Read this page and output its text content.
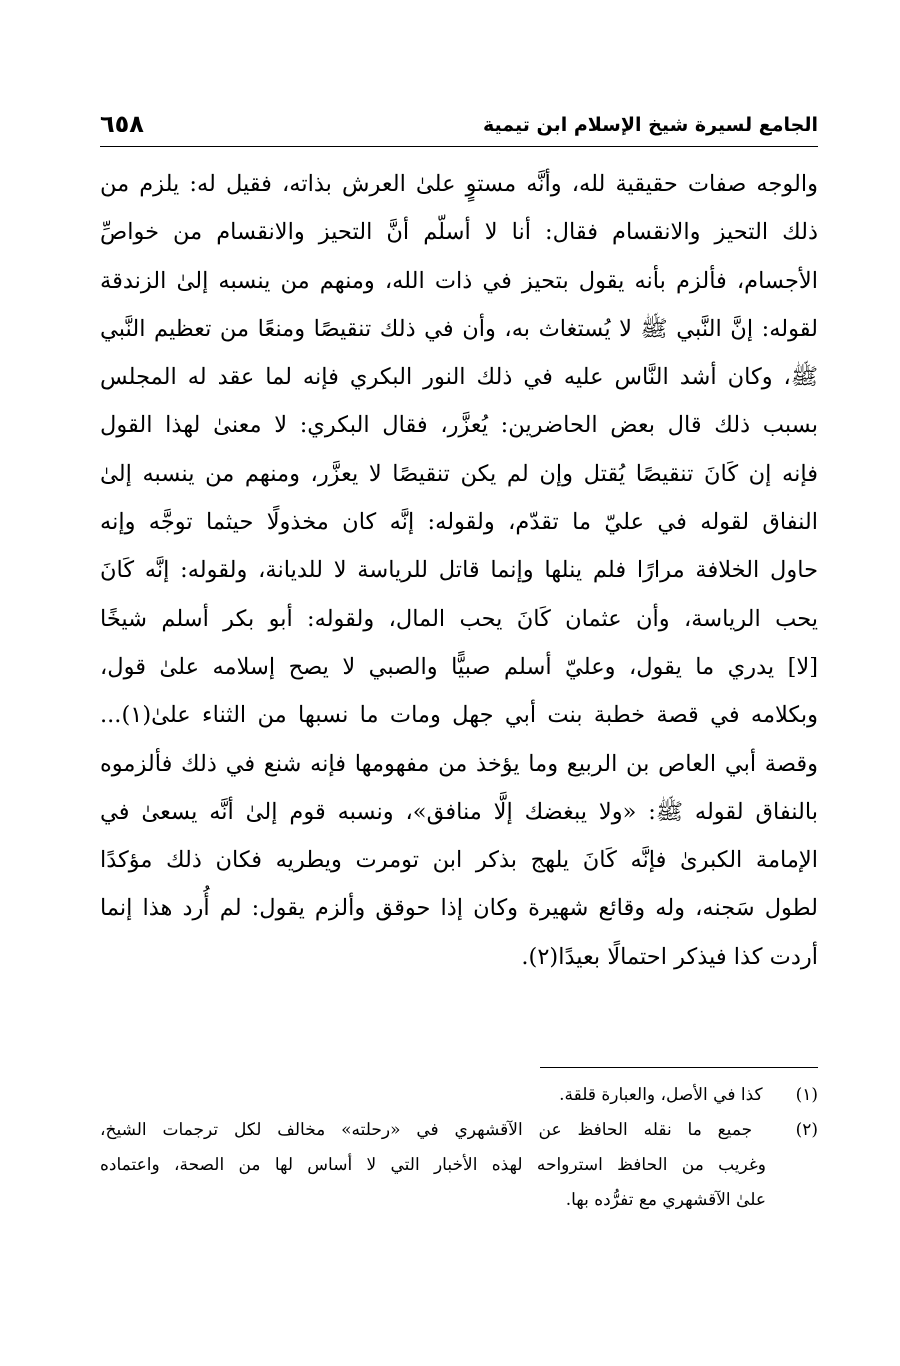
الجامع لسيرة شيخ الإسلام ابن تيمية
٦٥٨
والوجه صفات حقيقية لله، وأنَّه مستوٍ علىٰ العرش بذاته، فقيل له: يلزم من
ذلك التحيز والانقسام فقال: أنا لا أسلّم أنَّ التحيز والانقسام من خواصِّ
الأجسام، فألزم بأنه يقول بتحيز في ذات الله، ومنهم من ينسبه إلىٰ الزندقة
لقوله: إنَّ النَّبي ﷺ لا يُستغاث به، وأن في ذلك تنقيصًا ومنعًا من تعظيم النَّبي
ﷺ، وكان أشد النَّاس عليه في ذلك النور البكري فإنه لما عقد له المجلس
بسبب ذلك قال بعض الحاضرين: يُعزَّر، فقال البكري: لا معنىٰ لهذا القول
فإنه إن كَانَ تنقيصًا يُقتل وإن لم يكن تنقيصًا لا يعزَّر، ومنهم من ينسبه إلىٰ
النفاق لقوله في عليّ ما تقدّم، ولقوله: إنَّه كان مخذولًا حيثما توجَّه وإنه
حاول الخلافة مرارًا فلم ينلها وإنما قاتل للرياسة لا للديانة، ولقوله: إنَّه كَانَ
يحب الرياسة، وأن عثمان كَانَ يحب المال، ولقوله: أبو بكر أسلم شيخًا
[لا] يدري ما يقول، وعليّ أسلم صبيًّا والصبي لا يصح إسلامه علىٰ قول،
وبكلامه في قصة خطبة بنت أبي جهل ومات ما نسبها من الثناء علىٰ(١)...
وقصة أبي العاص بن الربيع وما يؤخذ من مفهومها فإنه شنع في ذلك فألزموه
بالنفاق لقوله ﷺ: «ولا يبغضك إلَّا منافق»، ونسبه قوم إلىٰ أنَّه يسعىٰ في
الإمامة الكبرىٰ فإنَّه كَانَ يلهج بذكر ابن تومرت ويطريه فكان ذلك مؤكدًا
لطول سَجنه، وله وقائع شهيرة وكان إذا حوقق وألزم يقول: لم أُرد هذا إنما
أردت كذا فيذكر احتمالًا بعيدًا(٢).
(١) كذا في الأصل، والعبارة قلقة.
(٢) جميع ما نقله الحافظ عن الآقشهري في «رحلته» مخالف لكل ترجمات الشيخ،
وغريب من الحافظ استرواحه لهذه الأخبار التي لا أساس لها من الصحة، واعتماده
علىٰ الآقشهري مع تفرُّده بها.
